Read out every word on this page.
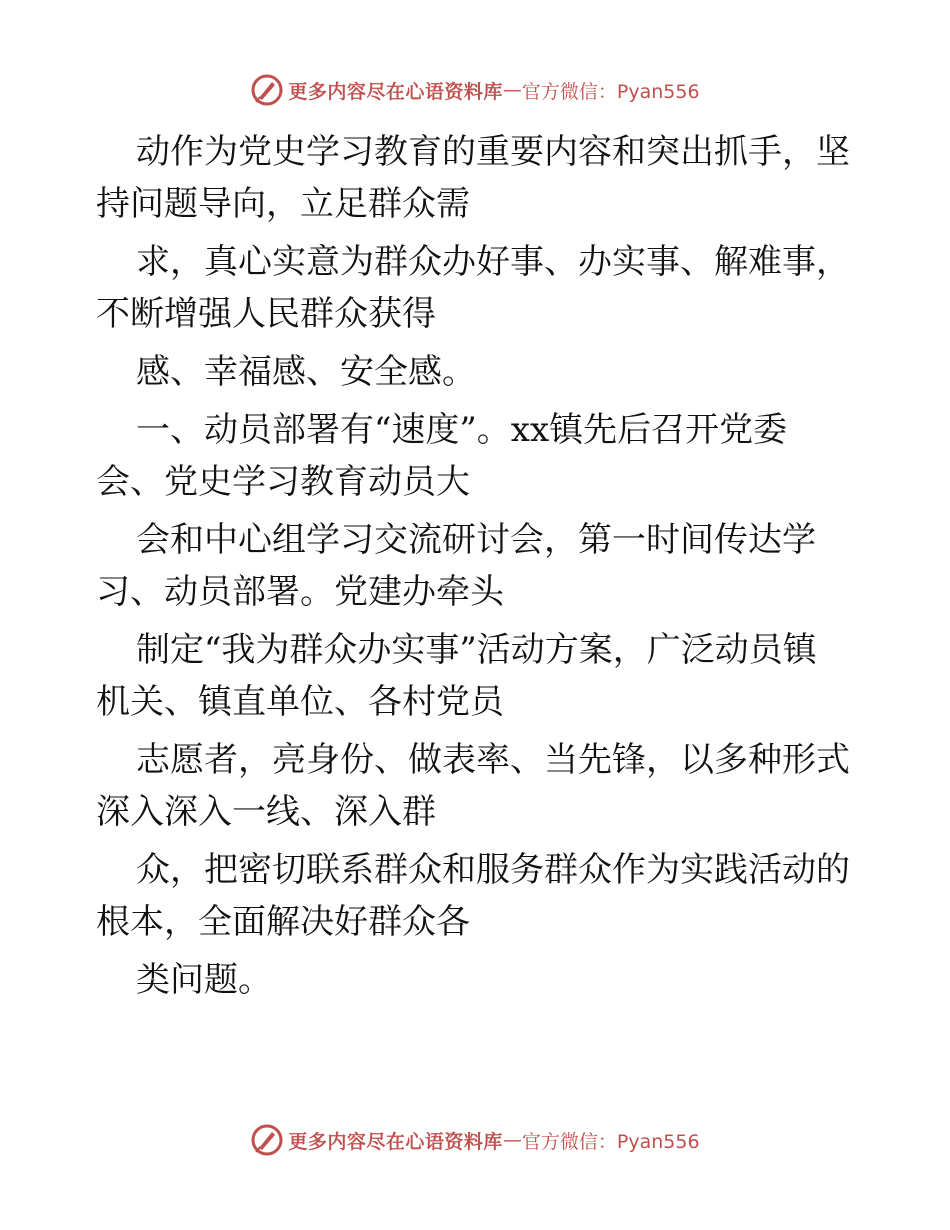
更多内容尽在心语资料库 — 官方微信：Pyan556

动作为党史学习教育的重要内容和突出抓手，坚
持问题导向，立足群众需

求，真心实意为群众办好事、办实事、解难事，
不断增强人民群众获得

感、幸福感、安全感。

一、动员部署有“速度”。xx镇先后召开党委
会、党史学习教育动员大

会和中心组学习交流研讨会，第一时间传达学
习、动员部署。党建办牵头

制定“我为群众办实事”活动方案，广泛动员镇
机关、镇直单位、各村党员

志愿者，亮身份、做表率、当先锋，以多种形式
深入深入一线、深入群

众，把密切联系群众和服务群众作为实践活动的
根本，全面解决好群众各

类问题。

更多内容尽在心语资料库 — 官方微信：Pyan556
